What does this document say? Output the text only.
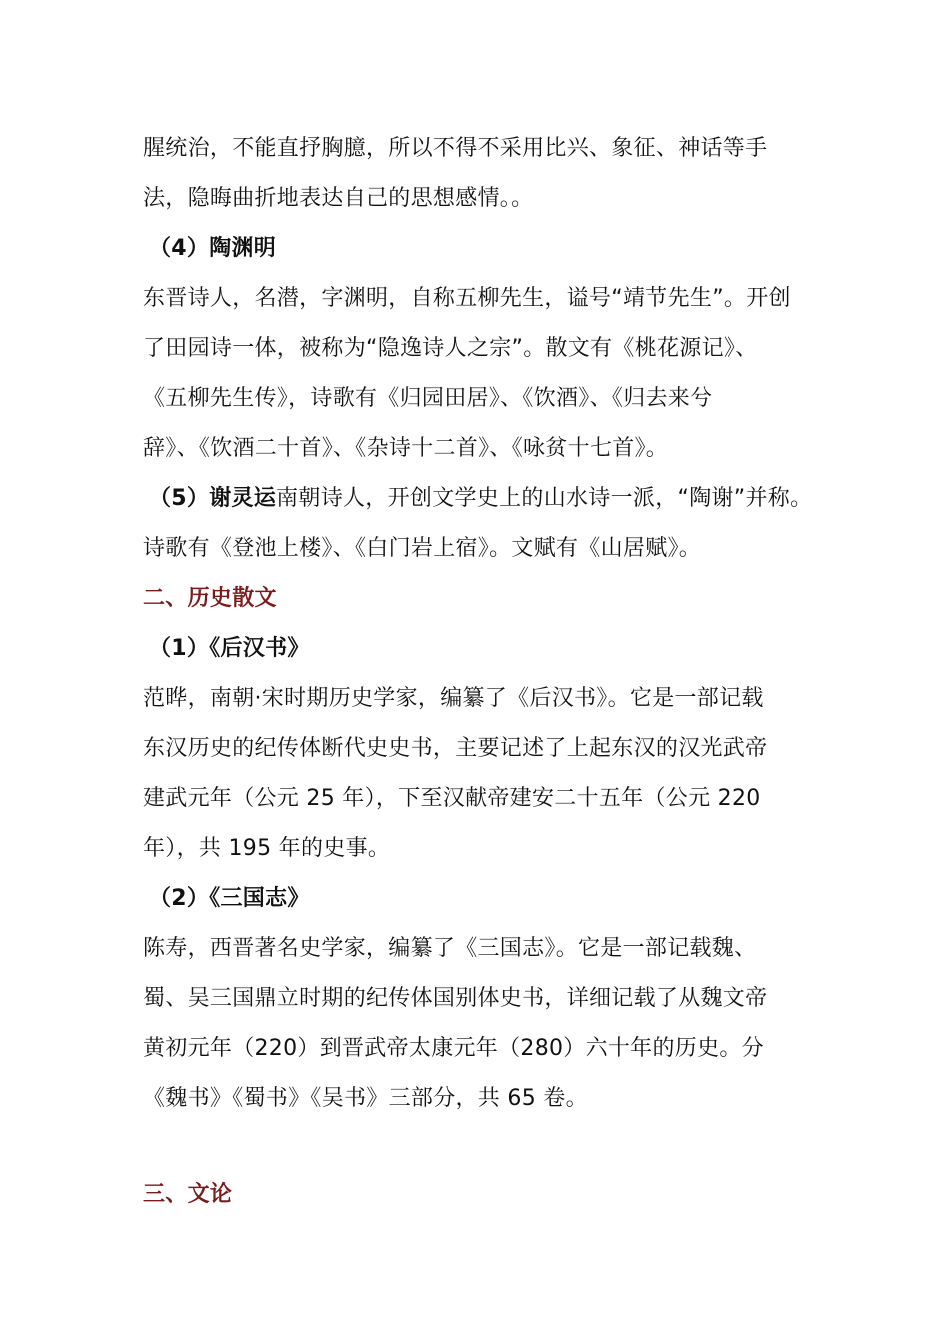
腥统治，不能直抒胸臆，所以不得不采用比兴、象征、神话等手
法，隐晦曲折地表达自己的思想感情。。
（4）陶渊明
东晋诗人，名潜，字渊明，自称五柳先生，谥号“靖节先生”。开创
了田园诗一体，被称为“隐逸诗人之宗”。散文有《桃花源记》、
《五柳先生传》，诗歌有《归园田居》、《饮酒》、《归去来兮
辞》、《饮酒二十首》、《杂诗十二首》、《咏贫十七首》。
（5）谢灵运南朝诗人，开创文学史上的山水诗一派，“陶谢”并称。
诗歌有《登池上楼》、《白门岩上宿》。文赋有《山居赋》。
二、历史散文
（1）《后汉书》
范晔，南朝·宋时期历史学家，编纂了《后汉书》。它是一部记载
东汉历史的纪传体断代史史书，主要记述了上起东汉的汉光武帝
建武元年（公元 25 年），下至汉献帝建安二十五年（公元 220
年），共 195 年的史事。
（2）《三国志》
陈寿，西晋著名史学家，编纂了《三国志》。它是一部记载魏、
蜀、吴三国鼎立时期的纪传体国别体史书，详细记载了从魏文帝
黄初元年（220）到晋武帝太康元年（280）六十年的历史。分
《魏书》《蜀书》《吴书》三部分，共 65 卷。
三、文论
